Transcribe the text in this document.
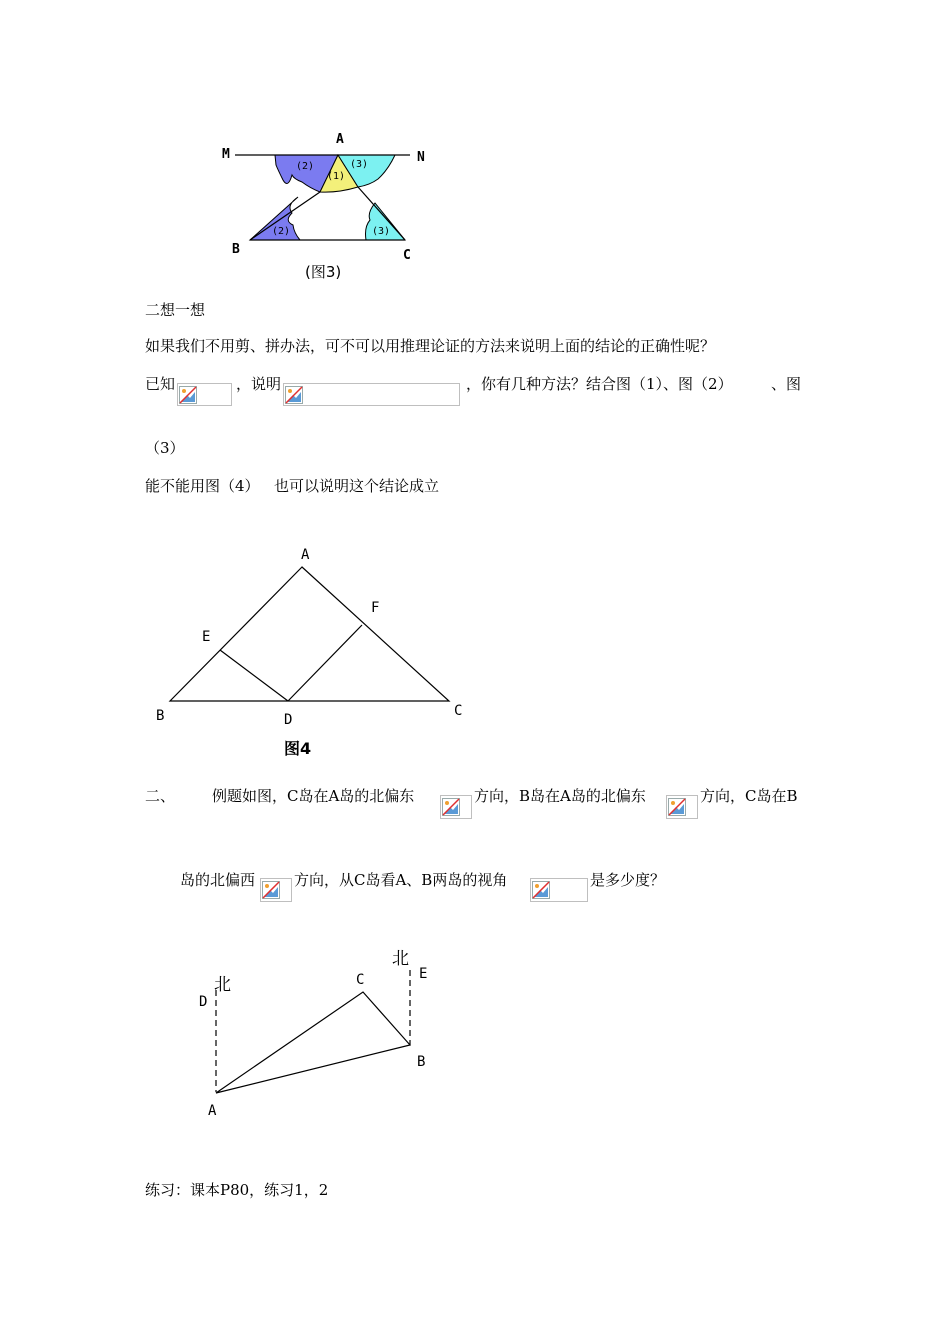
A
M	N
B	C
(2)
(1)
(3)
(2)	(3)
(图3)
二想一想
如果我们不用剪、拼办法，可不可以用推理论证的方法来说明上面的结论的正确性呢？
已知	，说明	，你有几种方法？结合图（1）、图（2）	、图
（3）
能不能用图（4） 也可以说明这个结论成立
A
F
E
B	D
C
图4
二、 例题如图，C岛在A岛的北偏东	方向，B岛在A岛的北偏东	方向，C岛在B
岛的北偏西	方向，从C岛看A、B两岛的视角	是多少度？
北
北
D
C	E
B
A
练习：课本P80，练习1，2
